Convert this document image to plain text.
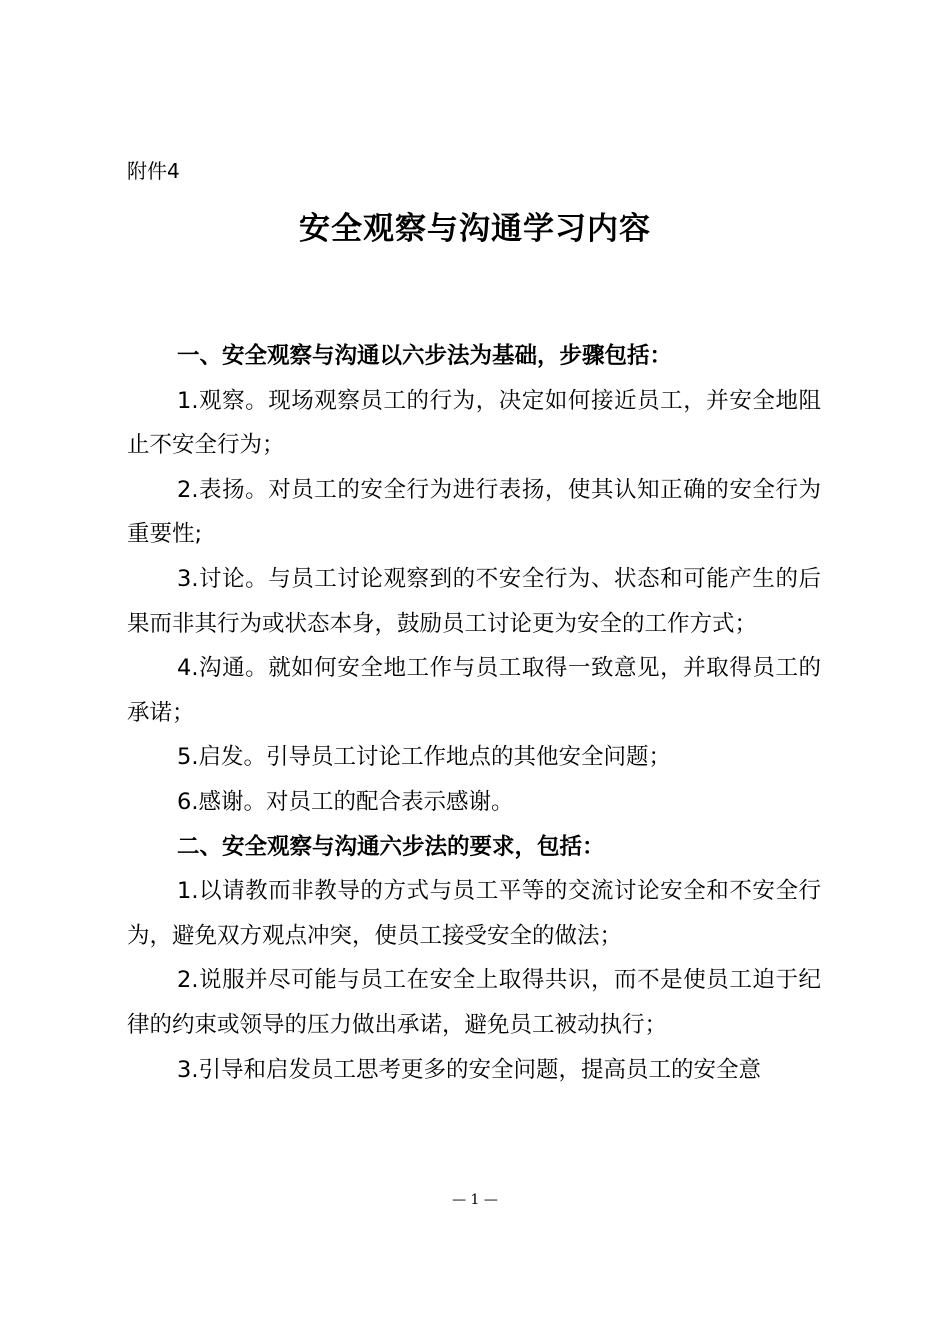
附件4
安全观察与沟通学习内容

一、安全观察与沟通以六步法为基础，步骤包括：

1.观察。现场观察员工的行为，决定如何接近员工，并安全地阻止不安全行为；

2.表扬。对员工的安全行为进行表扬，使其认知正确的安全行为重要性;

3.讨论。与员工讨论观察到的不安全行为、状态和可能产生的后果而非其行为或状态本身，鼓励员工讨论更为安全的工作方式；

4.沟通。就如何安全地工作与员工取得一致意见，并取得员工的承诺；

5.启发。引导员工讨论工作地点的其他安全问题；

6.感谢。对员工的配合表示感谢。

二、安全观察与沟通六步法的要求，包括：

1.以请教而非教导的方式与员工平等的交流讨论安全和不安全行为，避免双方观点冲突，使员工接受安全的做法；

2.说服并尽可能与员工在安全上取得共识，而不是使员工迫于纪律的约束或领导的压力做出承诺，避免员工被动执行；

3.引导和启发员工思考更多的安全问题，提高员工的安全意

— 1 —
